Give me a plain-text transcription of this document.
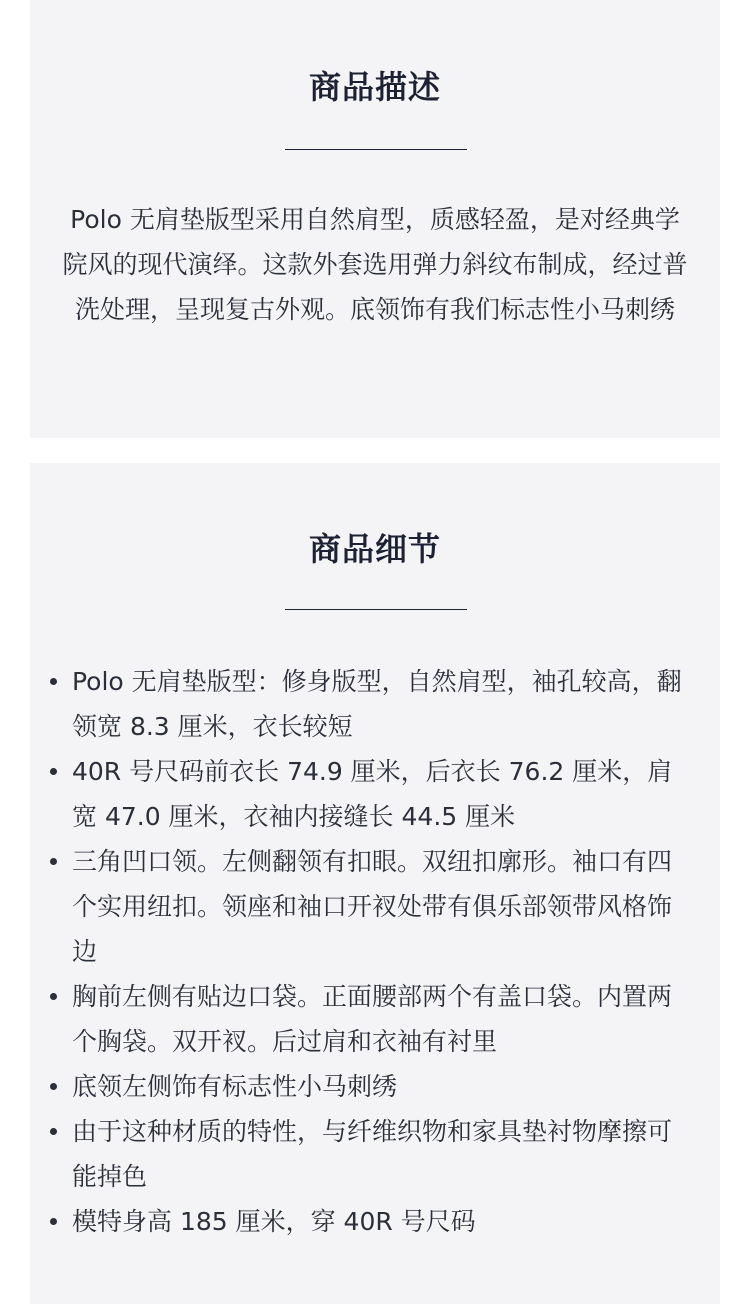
商品描述

Polo 无肩垫版型采用自然肩型，质感轻盈，是对经典学院风的现代演绎。这款外套选用弹力斜纹布制成，经过普洗处理，呈现复古外观。底领饰有我们标志性小马刺绣

商品细节
Polo 无肩垫版型：修身版型，自然肩型，袖孔较高，翻领宽 8.3 厘米，衣长较短
40R 号尺码前衣长 74.9 厘米，后衣长 76.2 厘米，肩宽 47.0 厘米，衣袖内接缝长 44.5 厘米
三角凹口领。左侧翻领有扣眼。双纽扣廓形。袖口有四个实用纽扣。领座和袖口开衩处带有俱乐部领带风格饰边
胸前左侧有贴边口袋。正面腰部两个有盖口袋。内置两个胸袋。双开衩。后过肩和衣袖有衬里
底领左侧饰有标志性小马刺绣
由于这种材质的特性，与纤维织物和家具垫衬物摩擦可能掉色
模特身高 185 厘米，穿 40R 号尺码
